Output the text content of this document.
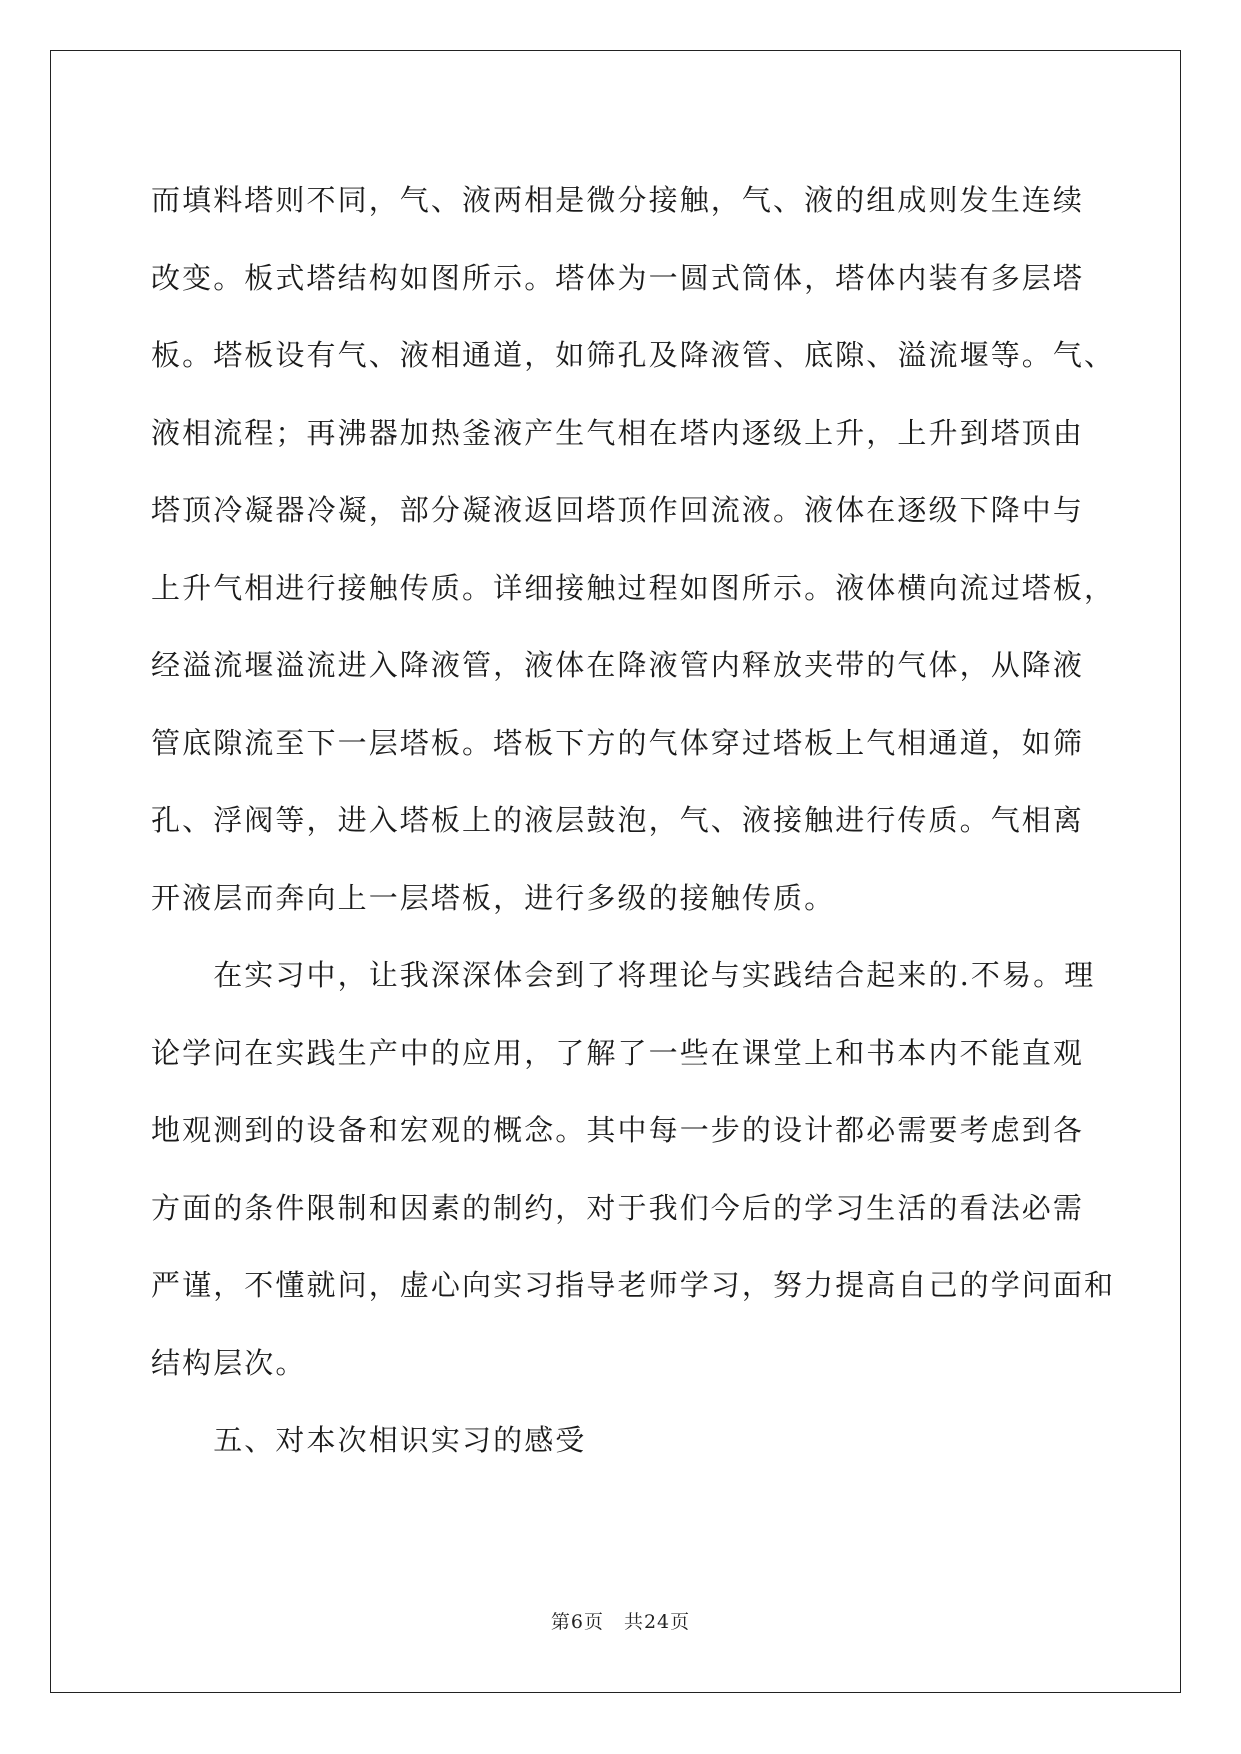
而填料塔则不同，气、液两相是微分接触，气、液的组成则发生连续
改变。板式塔结构如图所示。塔体为一圆式筒体，塔体内装有多层塔
板。塔板设有气、液相通道，如筛孔及降液管、底隙、溢流堰等。气、
液相流程；再沸器加热釜液产生气相在塔内逐级上升，上升到塔顶由
塔顶冷凝器冷凝，部分凝液返回塔顶作回流液。液体在逐级下降中与
上升气相进行接触传质。详细接触过程如图所示。液体横向流过塔板，
经溢流堰溢流进入降液管，液体在降液管内释放夹带的气体，从降液
管底隙流至下一层塔板。塔板下方的气体穿过塔板上气相通道，如筛
孔、浮阀等，进入塔板上的液层鼓泡，气、液接触进行传质。气相离
开液层而奔向上一层塔板，进行多级的接触传质。
　　在实习中，让我深深体会到了将理论与实践结合起来的.不易。理
论学问在实践生产中的应用，了解了一些在课堂上和书本内不能直观
地观测到的设备和宏观的概念。其中每一步的设计都必需要考虑到各
方面的条件限制和因素的制约，对于我们今后的学习生活的看法必需
严谨，不懂就问，虚心向实习指导老师学习，努力提高自己的学问面和
结构层次。
　　五、对本次相识实习的感受
第6页 共24页
